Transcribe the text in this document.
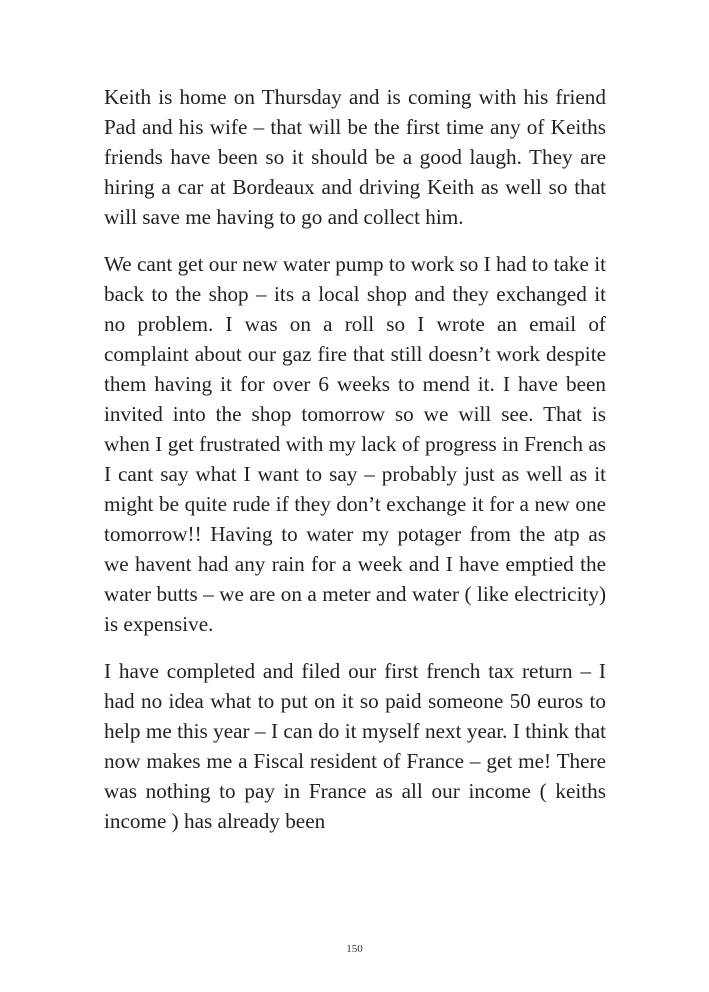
Keith is home on Thursday and is coming with his friend Pad and his wife – that will be the first time any of Keiths friends have been so it should be a good laugh. They are hiring a car at Bordeaux and driving Keith as well so that will save me having to go and collect him.

We cant get our new water pump to work so I had to take it back to the shop – its a local shop and they exchanged it no problem. I was on a roll so I wrote an email of complaint about our gaz fire that still doesn’t work despite them having it for over 6 weeks to mend it. I have been invited into the shop tomorrow so we will see. That is when I get frustrated with my lack of progress in French as I cant say what I want to say – probably just as well as it might be quite rude if they don’t exchange it for a new one tomorrow!! Having to water my potager from the atp as we havent had any rain for a week and I have emptied the water butts – we are on a meter and water ( like electricity) is expensive.

I have completed and filed our first french tax return – I had no idea what to put on it so paid someone 50 euros to help me this year – I can do it myself next year. I think that now makes me a Fiscal resident of France – get me! There was nothing to pay in France as all our income ( keiths income ) has already been

150
